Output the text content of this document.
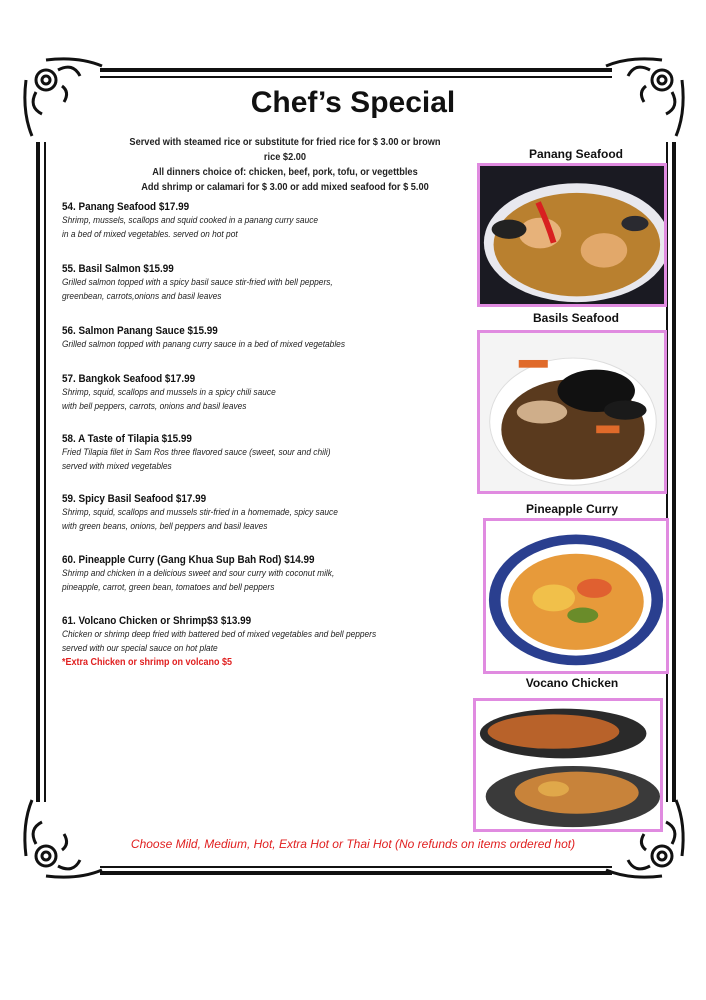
Chef’s Special
Served with steamed rice or substitute for fried rice for $ 3.00 or brown rice $2.00
All dinners choice of: chicken, beef, pork, tofu, or vegettbles
Add shrimp or calamari for $ 3.00 or add mixed seafood for $ 5.00
54. Panang Seafood $17.99
Shrimp, mussels, scallops and squid cooked in a panang curry sauce
in a bed of mixed vegetables. served on hot pot
55. Basil Salmon $15.99
Grilled salmon topped with a spicy basil sauce stir-fried with bell peppers,
greenbean, carrots,onions and basil leaves
56. Salmon Panang Sauce $15.99
Grilled salmon topped with panang curry sauce in a bed of mixed vegetables
57. Bangkok Seafood $17.99
Shrimp, squid, scallops and mussels in a spicy chili sauce
with bell peppers, carrots, onions and basil leaves
58. A Taste of Tilapia $15.99
Fried Tilapia filet in Sam Ros three flavored sauce (sweet, sour and chili)
served with mixed vegetables
59. Spicy Basil Seafood $17.99
Shrimp, squid, scallops and mussels stir-fried in a homemade, spicy sauce
with green beans, onions, bell peppers and basil leaves
60. Pineapple Curry (Gang Khua Sup Bah Rod) $14.99
Shrimp and chicken in a delicious sweet and sour curry with coconut milk,
pineapple, carrot, green bean, tomatoes and bell peppers
61. Volcano Chicken or Shrimp$3 $13.99
Chicken or shrimp deep fried with battered bed of mixed vegetables and bell peppers
served with our special sauce on hot plate
*Extra Chicken or shrimp on volcano $5
Panang Seafood
Basils Seafood
Pineapple Curry
Vocano Chicken
Choose Mild, Medium, Hot, Extra Hot or Thai Hot (No refunds on items ordered hot)
